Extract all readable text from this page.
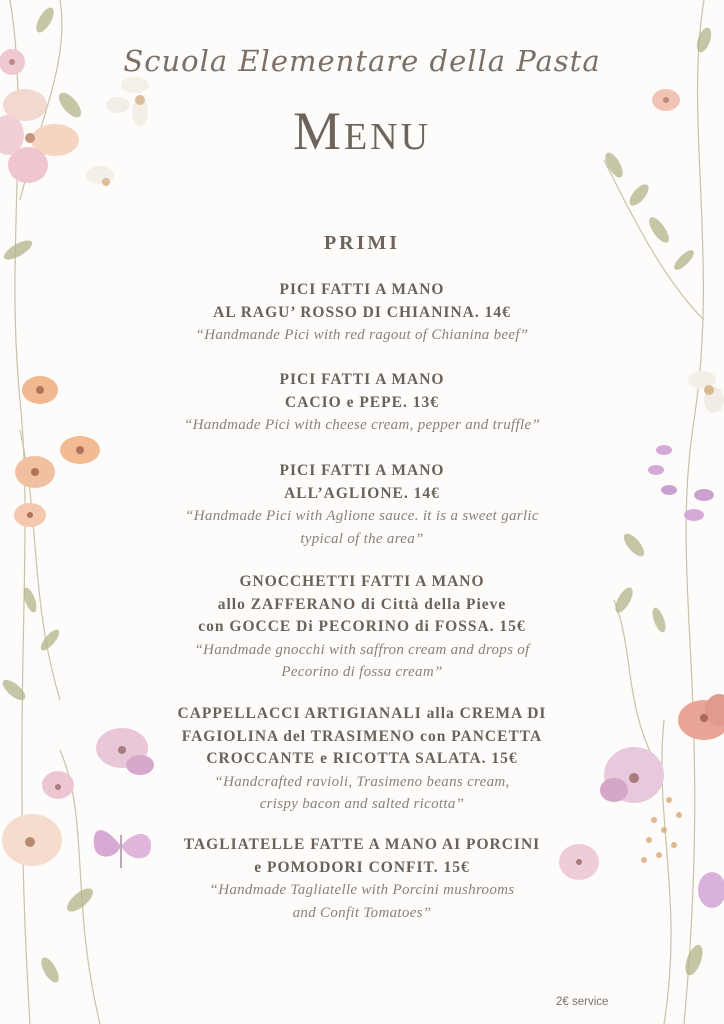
Scuola Elementare della Pasta
Menu
PRIMI
PICI FATTI A MANO
AL RAGU’ ROSSO DI CHIANINA. 14€
“Handmande Pici with red ragout of Chianina beef”
PICI FATTI A MANO
CACIO e PEPE. 13€
“Handmade Pici with cheese cream, pepper and truffle”
PICI FATTI A MANO
ALL’AGLIONE. 14€
“Handmade Pici with Aglione sauce. it is a sweet garlic
typical of the area”
GNOCCHETTI FATTI A MANO
allo ZAFFERANO di Città della Pieve
con GOCCE Di PECORINO di FOSSA. 15€
“Handmade gnocchi with saffron cream and drops of
Pecorino di fossa cream”
CAPPELLACCI ARTIGIANALI alla CREMA DI
FAGIOLINA del TRASIMENO con PANCETTA
CROCCANTE e RICOTTA SALATA. 15€
“Handcrafted ravioli, Trasimeno beans cream,
crispy bacon and salted ricotta”
TAGLIATELLE FATTE A MANO AI PORCINI
e POMODORI CONFIT. 15€
“Handmade Tagliatelle with Porcini mushrooms
and Confit Tomatoes”
2€ service
